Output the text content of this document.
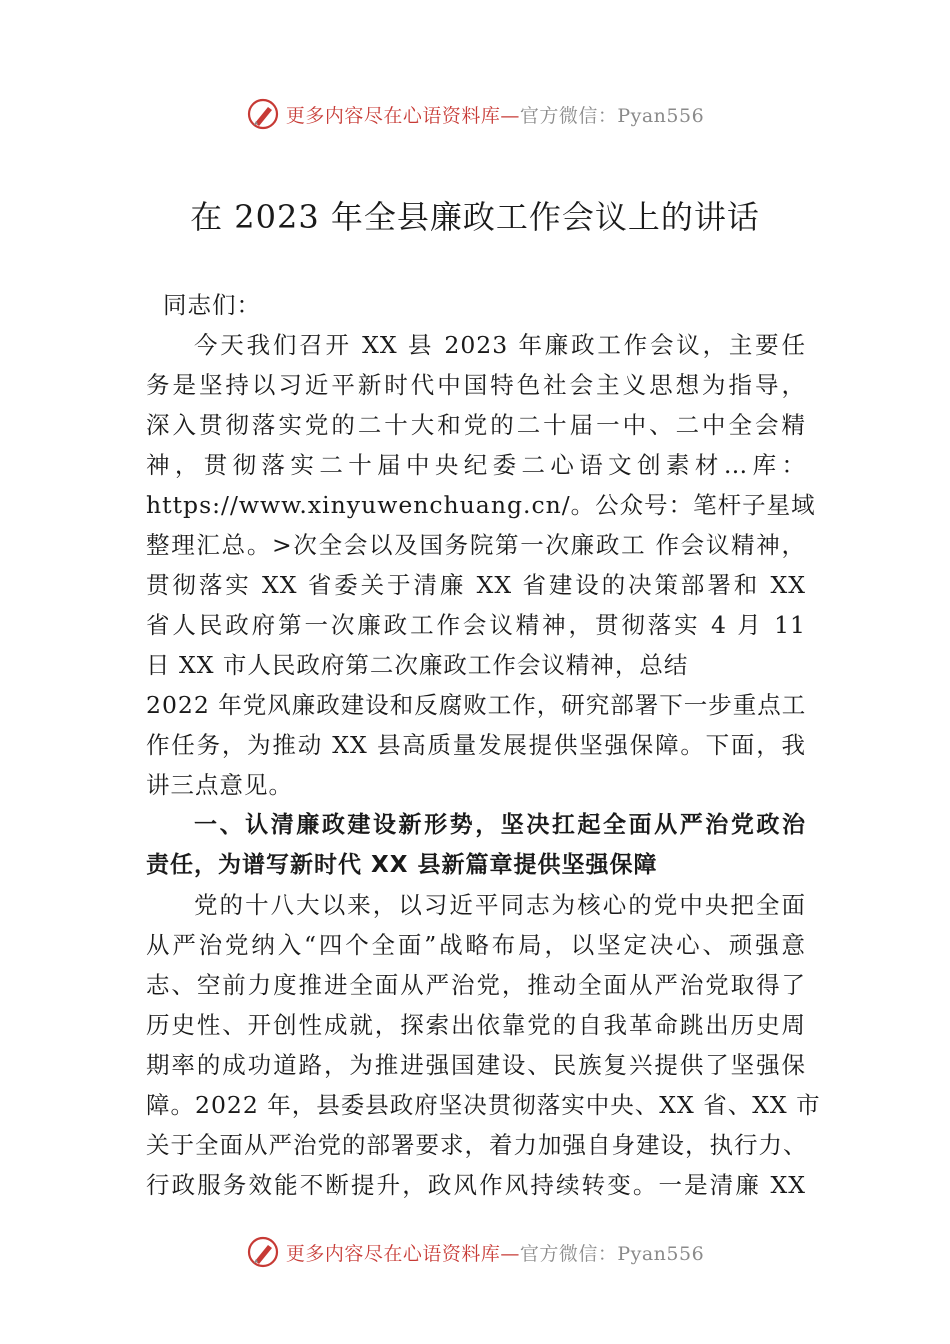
更多内容尽在心语资料库—官方微信：Pyan556
在 2023 年全县廉政工作会议上的讲话
同志们：
今天我们召开 XX 县 2023 年廉政工作会议，主要任
务是坚持以习近平新时代中国特色社会主义思想为指导，
深入贯彻落实党的二十大和党的二十届一中、二中全会精
神，贯彻落实二十届中央纪委二心语文创素材…库：
https://www.xinyuwenchuang.cn/。公众号：笔杆子星域
整理汇总。>次全会以及国务院第一次廉政工 作会议精神，
贯彻落实 XX 省委关于清廉 XX 省建设的决策部署和 XX
省人民政府第一次廉政工作会议精神，贯彻落实 4 月 11
日 XX 市人民政府第二次廉政工作会议精神，总结
2022 年党风廉政建设和反腐败工作，研究部署下一步重点工
作任务，为推动 XX 县高质量发展提供坚强保障。下面，我
讲三点意见。
一、认清廉政建设新形势，坚决扛起全面从严治党政治
责任，为谱写新时代 XX 县新篇章提供坚强保障
党的十八大以来，以习近平同志为核心的党中央把全面
从严治党纳入“四个全面”战略布局，以坚定决心、顽强意
志、空前力度推进全面从严治党，推动全面从严治党取得了
历史性、开创性成就，探索出依靠党的自我革命跳出历史周
期率的成功道路，为推进强国建设、民族复兴提供了坚强保
障。2022 年，县委县政府坚决贯彻落实中央、XX 省、XX 市
关于全面从严治党的部署要求，着力加强自身建设，执行力、
行政服务效能不断提升，政风作风持续转变。一是清廉 XX
更多内容尽在心语资料库—官方微信：Pyan556
